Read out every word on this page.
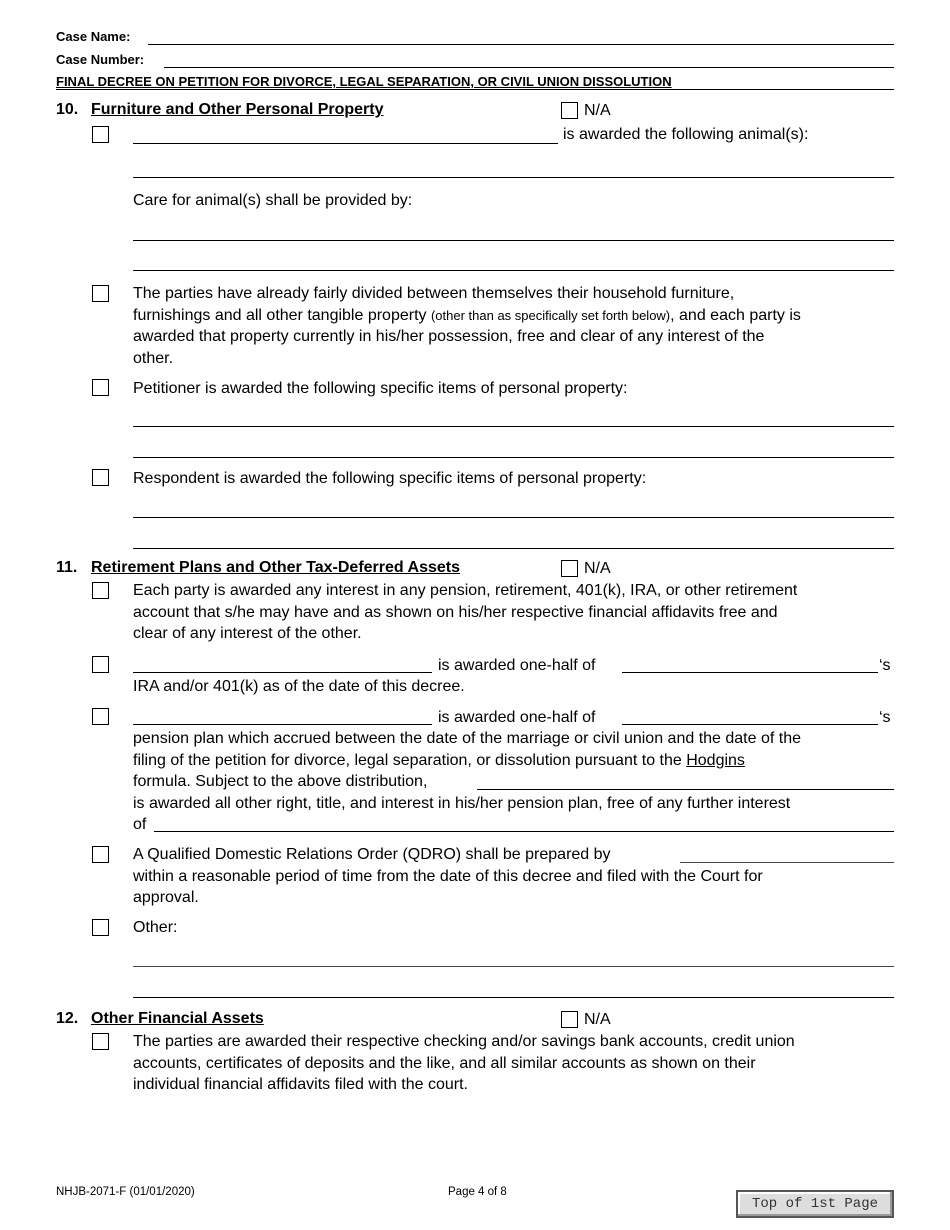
Case Name:
Case Number:
FINAL DECREE ON PETITION FOR DIVORCE, LEGAL SEPARATION, OR CIVIL UNION DISSOLUTION
10. Furniture and Other Personal Property	N/A
is awarded the following animal(s):
Care for animal(s) shall be provided by:
The parties have already fairly divided between themselves their household furniture,
furnishings and all other tangible property (other than as specifically set forth below), and each party is
awarded that property currently in his/her possession, free and clear of any interest of the
other.
Petitioner is awarded the following specific items of personal property:
Respondent is awarded the following specific items of personal property:
11. Retirement Plans and Other Tax-Deferred Assets	N/A
Each party is awarded any interest in any pension, retirement, 401(k), IRA, or other retirement
account that s/he may have and as shown on his/her respective financial affidavits free and
clear of any interest of the other.
is awarded one-half of	‘s
IRA and/or 401(k) as of the date of this decree.
is awarded one-half of	‘s
pension plan which accrued between the date of the marriage or civil union and the date of the
filing of the petition for divorce, legal separation, or dissolution pursuant to the Hodgins
formula. Subject to the above distribution,
is awarded all other right, title, and interest in his/her pension plan, free of any further interest
of
A Qualified Domestic Relations Order (QDRO) shall be prepared by
within a reasonable period of time from the date of this decree and filed with the Court for
approval.
Other:
12. Other Financial Assets	N/A
The parties are awarded their respective checking and/or savings bank accounts, credit union
accounts, certificates of deposits and the like, and all similar accounts as shown on their
individual financial affidavits filed with the court.
NHJB-2071-F (01/01/2020)	Page 4 of 8
Top of 1st Page
